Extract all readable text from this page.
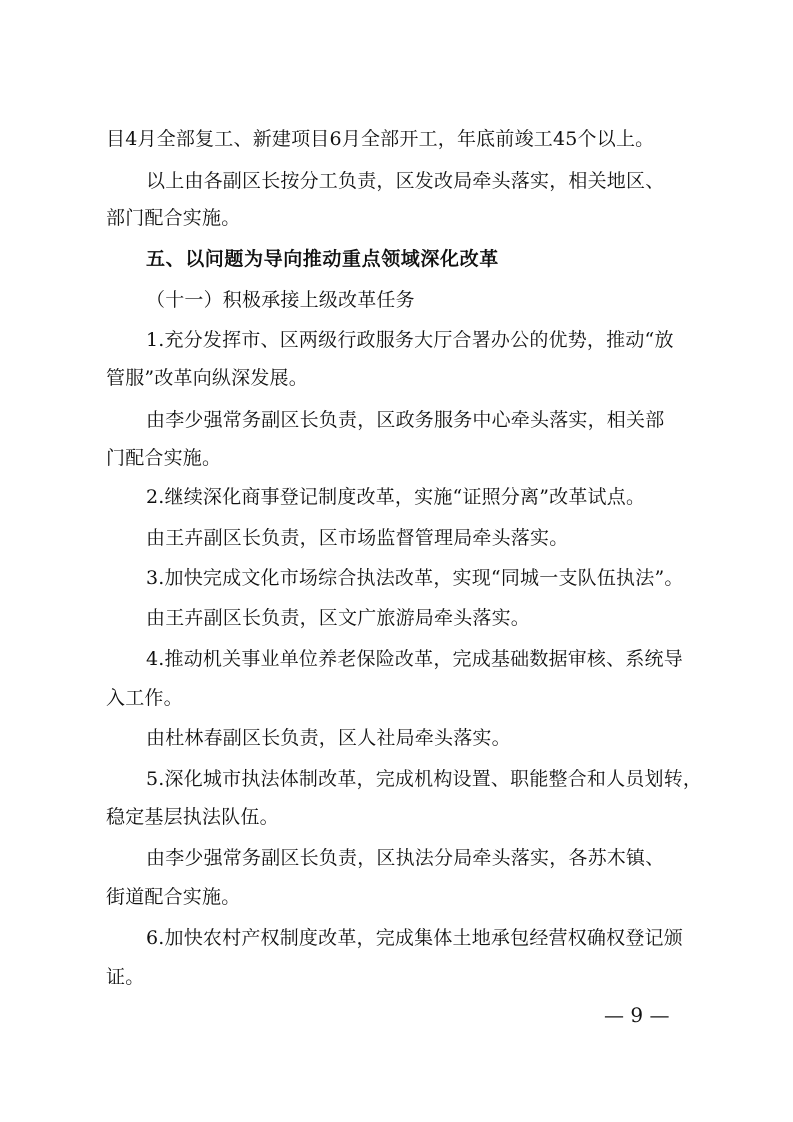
目4月全部复工、新建项目6月全部开工，年底前竣工45个以上。
以上由各副区长按分工负责，区发改局牵头落实，相关地区、
部门配合实施。
五、以问题为导向推动重点领域深化改革
（十一）积极承接上级改革任务
1.充分发挥市、区两级行政服务大厅合署办公的优势，推动“放
管服”改革向纵深发展。
由李少强常务副区长负责，区政务服务中心牵头落实，相关部
门配合实施。
2.继续深化商事登记制度改革，实施“证照分离”改革试点。
由王卉副区长负责，区市场监督管理局牵头落实。
3.加快完成文化市场综合执法改革，实现“同城一支队伍执法”。
由王卉副区长负责，区文广旅游局牵头落实。
4.推动机关事业单位养老保险改革，完成基础数据审核、系统导
入工作。
由杜林春副区长负责，区人社局牵头落实。
5.深化城市执法体制改革，完成机构设置、职能整合和人员划转，
稳定基层执法队伍。
由李少强常务副区长负责，区执法分局牵头落实，各苏木镇、
街道配合实施。
6.加快农村产权制度改革，完成集体土地承包经营权确权登记颁
证。
— 9 —
